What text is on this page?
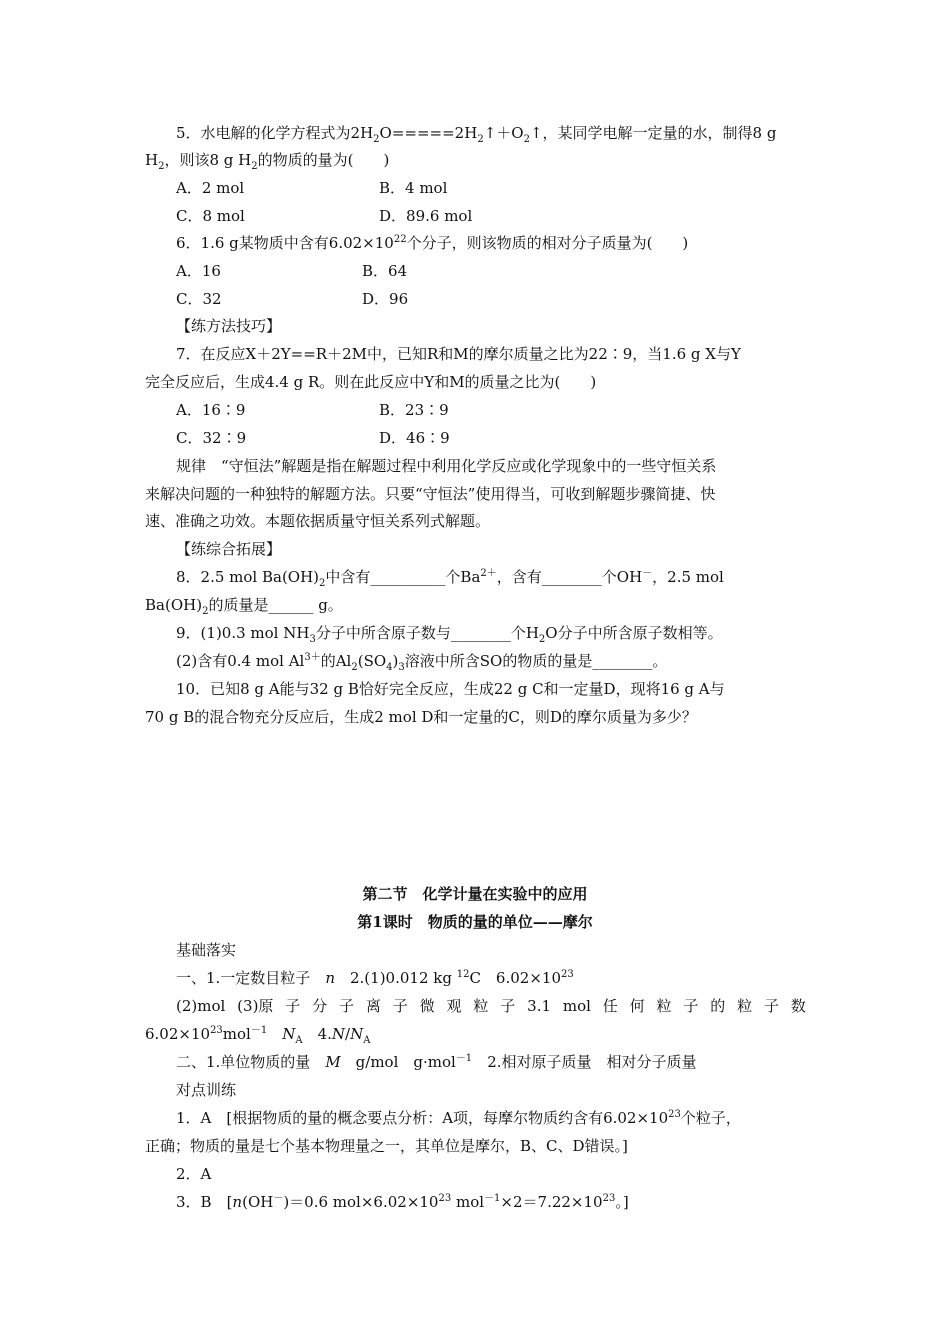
5．水电解的化学方程式为$2H_2O=====2H_2↑+O_2↑$，某同学电解一定量的水，制得8 g
$H_2$，则该8 g $H_2$的物质的量为(　　)
A．2 mol	B．4 mol
C．8 mol	D．89.6 mol
6．1.6 g某物质中含有$6.02\times 10^{22}$个分子，则该物质的相对分子质量为(　　)
A．16	B．64
C．32	D．96
【练方法技巧】
7．在反应X＋2Y==R＋2M中，已知R和M的摩尔质量之比为22∶9，当1.6 g X与Y
完全反应后，生成4.4 g R。则在此反应中Y和M的质量之比为(　　)
A．16∶9	B．23∶9
C．32∶9	D．46∶9
规律　“守恒法”解题是指在解题过程中利用化学反应或化学现象中的一些守恒关系
来解决问题的一种独特的解题方法。只要“守恒法”使用得当，可收到解题步骤简捷、快
速、准确之功效。本题依据质量守恒关系列式解题。
【练综合拓展】
8．2.5 mol $Ba(OH)_2$中含有__________个$Ba^{2+}$，含有________个OH－，2.5 mol
$Ba(OH)_2$的质量是______ g。
9．(1)0.3 mol $NH_3$分子中所含原子数与________个$H_2O$分子中所含原子数相等。
(2)含有0.4 mol $Al^{3+}$的$Al_2(SO_4)_3$溶液中所含SO的物质的量是________。
10．已知8 g A能与32 g B恰好完全反应，生成22 g C和一定量D，现将16 g A与
70 g B的混合物充分反应后，生成2 mol D和一定量的C，则D的摩尔质量为多少？
第二节　化学计量在实验中的应用
第1课时　物质的量的单位——摩尔
基础落实
一、1.一定数目粒子　n　2.(1)0.012 kg $^{12}$C　$6.02\times 10^{23}$
(2)mol (3)原 子 分 子 离 子 微 观 粒 子 3.1 mol 任 何 粒 子 的 粒 子 数
$6.02\times 10^{23}mol^{-1}$　 $N_A$　$4.N/N_A$
二、1.单位物质的量　M　g/mol　g·mol$^{-1}$　2.相对原子质量　相对分子质量
对点训练
1．A　[根据物质的量的概念要点分析：A项，每摩尔物质约含有$6.02\times 10^{23}$个粒子，
正确；物质的量是七个基本物理量之一，其单位是摩尔，B、C、D错误。]
2．A
3．B　[n(OH－)＝0.6 $mol\times 6.02\times 10^{23}$ $mol^{-1}\times 2=7.22\times 10^{23}$。]
